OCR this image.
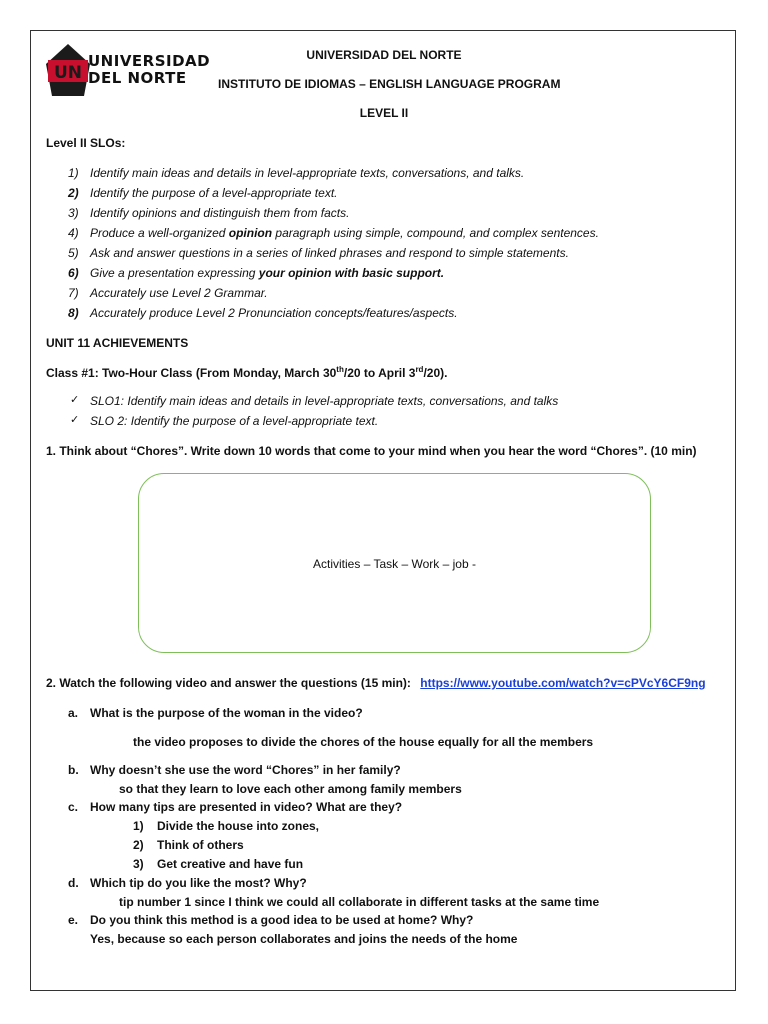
UN
UNIVERSIDAD
DEL NORTE
UNIVERSIDAD DEL NORTE
INSTITUTO DE IDIOMAS – ENGLISH LANGUAGE PROGRAM
LEVEL II
Level II SLOs:
1) Identify main ideas and details in level-appropriate texts, conversations, and talks.
2) Identify the purpose of a level-appropriate text.
3) Identify opinions and distinguish them from facts.
4) Produce a well-organized opinion paragraph using simple, compound, and complex sentences.
5) Ask and answer questions in a series of linked phrases and respond to simple statements.
6) Give a presentation expressing your opinion with basic support.
7) Accurately use Level 2 Grammar.
8) Accurately produce Level 2 Pronunciation concepts/features/aspects.
UNIT 11 ACHIEVEMENTS
Class #1: Two-Hour Class (From Monday, March 30th/20 to April 3rd/20).
✓ SLO1: Identify main ideas and details in level-appropriate texts, conversations, and talks
✓ SLO 2: Identify the purpose of a level-appropriate text.
1. Think about “Chores”. Write down 10 words that come to your mind when you hear the word “Chores”. (10 min)
Activities – Task – Work – job -
2. Watch the following video and answer the questions (15 min): https://www.youtube.com/watch?v=cPVcY6CF9ng
a. What is the purpose of the woman in the video?
the video proposes to divide the chores of the house equally for all the members
b. Why doesn’t she use the word “Chores” in her family?
so that they learn to love each other among family members
c. How many tips are presented in video? What are they?
1) Divide the house into zones,
2) Think of others
3) Get creative and have fun
d. Which tip do you like the most? Why?
tip number 1 since I think we could all collaborate in different tasks at the same time
e. Do you think this method is a good idea to be used at home? Why?
Yes, because so each person collaborates and joins the needs of the home
